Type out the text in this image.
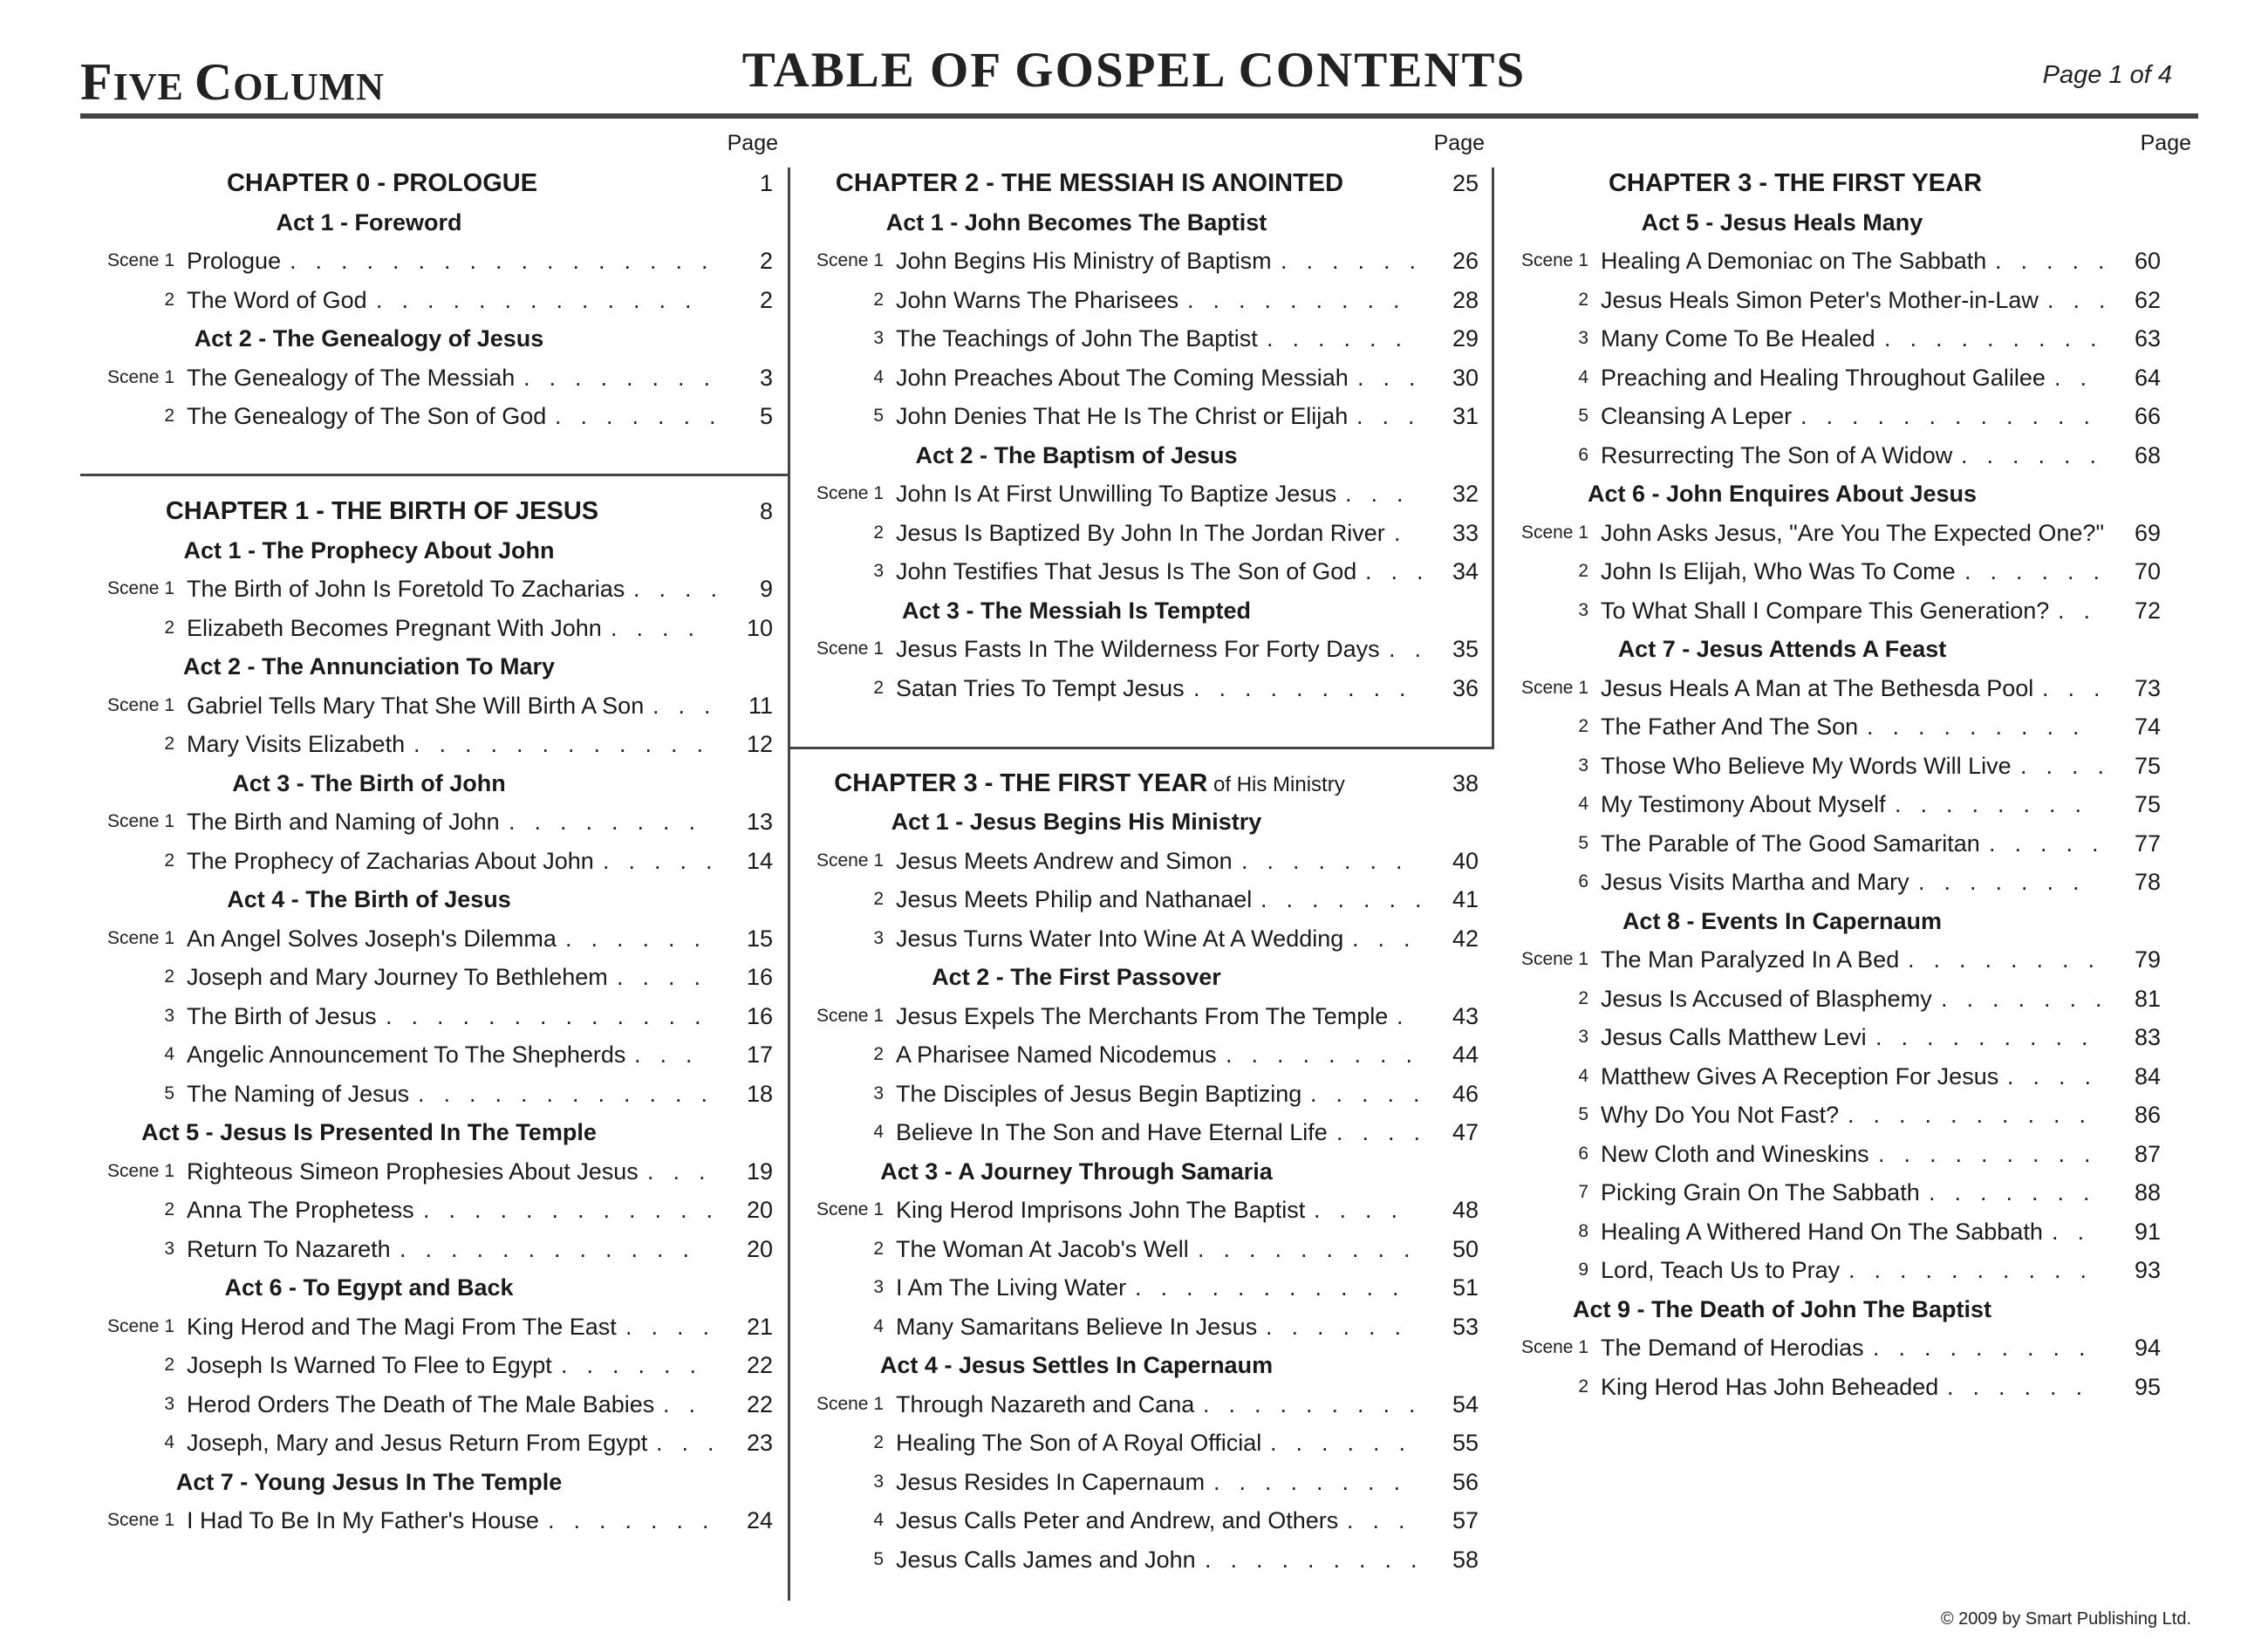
FIVE COLUMN	TABLE OF GOSPEL CONTENTS	Page 1 of 4
Page	Page	Page
CHAPTER 0 - PROLOGUE	1
Act 1 - Foreword
Scene 1 Prologue .................	2
2 The Word of God .............	2
Act 2 - The Genealogy of Jesus
Scene 1 The Genealogy of The Messiah ........	3
2 The Genealogy of The Son of God .......	5
CHAPTER 1 - THE BIRTH OF JESUS	8
Act 1 - The Prophecy About John
Scene 1 The Birth of John Is Foretold To Zacharias .... 9
2 Elizabeth Becomes Pregnant With John ....	10
Act 2 - The Annunciation To Mary
Scene 1 Gabriel Tells Mary That She Will Birth A Son ... 11
2 Mary Visits Elizabeth ............	12
Act 3 - The Birth of John
Scene 1 The Birth and Naming of John ........	13
2 The Prophecy of Zacharias About John ..... 14
Act 4 - The Birth of Jesus
Scene 1 An Angel Solves Joseph's Dilemma ......	15
2 Joseph and Mary Journey To Bethlehem ....	16
3 The Birth of Jesus .............	16
4 Angelic Announcement To The Shepherds ...	17
5 The Naming of Jesus ............ 18
Act 5 - Jesus Is Presented In The Temple
Scene 1 Righteous Simeon Prophesies About Jesus ... 19
2 Anna The Prophetess ............ 20
3 Return To Nazareth ............	20
Act 6 - To Egypt and Back
Scene 1 King Herod and The Magi From The East .... 21
2 Joseph Is Warned To Flee to Egypt ......	22
3 Herod Orders The Death of The Male Babies ..	22
4 Joseph, Mary and Jesus Return From Egypt ... 23
Act 7 - Young Jesus In The Temple
Scene 1 I Had To Be In My Father's House ....... 24
CHAPTER 2 - THE MESSIAH IS ANOINTED	25
Act 1 - John Becomes The Baptist
Scene 1 John Begins His Ministry of Baptism ...... 26
2 John Warns The Pharisees .........	28
3 The Teachings of John The Baptist ......	29
4 John Preaches About The Coming Messiah ... 30
5 John Denies That He Is The Christ or Elijah ... 31
Act 2 - The Baptism of Jesus
Scene 1 John Is At First Unwilling To Baptize Jesus ...	32
2 Jesus Is Baptized By John In The Jordan River .	33
3 John Testifies That Jesus Is The Son of God ... 34
Act 3 - The Messiah Is Tempted
Scene 1 Jesus Fasts In The Wilderness For Forty Days .. 35
2 Satan Tries To Tempt Jesus .........	36
CHAPTER 3 - THE FIRST YEAR of His Ministry	38
Act 1 - Jesus Begins His Ministry
Scene 1 Jesus Meets Andrew and Simon .......	40
2 Jesus Meets Philip and Nathanael ....... 41
3 Jesus Turns Water Into Wine At A Wedding ... 42
Act 2 - The First Passover
Scene 1 Jesus Expels The Merchants From The Temple .	43
2 A Pharisee Named Nicodemus ........ 44
3 The Disciples of Jesus Begin Baptizing ..... 46
4 Believe In The Son and Have Eternal Life .... 47
Act 3 - A Journey Through Samaria
Scene 1 King Herod Imprisons John The Baptist ....	48
2 The Woman At Jacob's Well ......... 50
3 I Am The Living Water ...........	51
4 Many Samaritans Believe In Jesus ......	53
Act 4 - Jesus Settles In Capernaum
Scene 1 Through Nazareth and Cana ......... 54
2 Healing The Son of A Royal Official ......	55
3 Jesus Resides In Capernaum ........	56
4 Jesus Calls Peter and Andrew, and Others ...	57
5 Jesus Calls James and John ......... 58
CHAPTER 3 - THE FIRST YEAR
Act 5 - Jesus Heals Many
Scene 1 Healing A Demoniac on The Sabbath ..... 60
2 Jesus Heals Simon Peter's Mother-in-Law ... 62
3 Many Come To Be Healed ......... 63
4 Preaching and Healing Throughout Galilee ..	64
5 Cleansing A Leper ............	66
6 Resurrecting The Son of A Widow ...... 68
Act 6 - John Enquires About Jesus
Scene 1 John Asks Jesus, "Are You The Expected One?"	69
2 John Is Elijah, Who Was To Come ...... 70
3 To What Shall I Compare This Generation? ..	72
Act 7 - Jesus Attends A Feast
Scene 1 Jesus Heals A Man at The Bethesda Pool ... 73
2 The Father And The Son .........	74
3 Those Who Believe My Words Will Live .... 75
4 My Testimony About Myself ........	75
5 The Parable of The Good Samaritan ..... 77
6 Jesus Visits Martha and Mary .......	78
Act 8 - Events In Capernaum
Scene 1 The Man Paralyzed In A Bed ........ 79
2 Jesus Is Accused of Blasphemy ....... 81
3 Jesus Calls Matthew Levi .........	83
4 Matthew Gives A Reception For Jesus ....	84
5 Why Do You Not Fast? ..........	86
6 New Cloth and Wineskins .........	87
7 Picking Grain On The Sabbath .......	88
8 Healing A Withered Hand On The Sabbath ..	91
9 Lord, Teach Us to Pray ..........	93
Act 9 - The Death of John The Baptist
Scene 1 The Demand of Herodias .........	94
2 King Herod Has John Beheaded ......	95
© 2009 by Smart Publishing Ltd.
